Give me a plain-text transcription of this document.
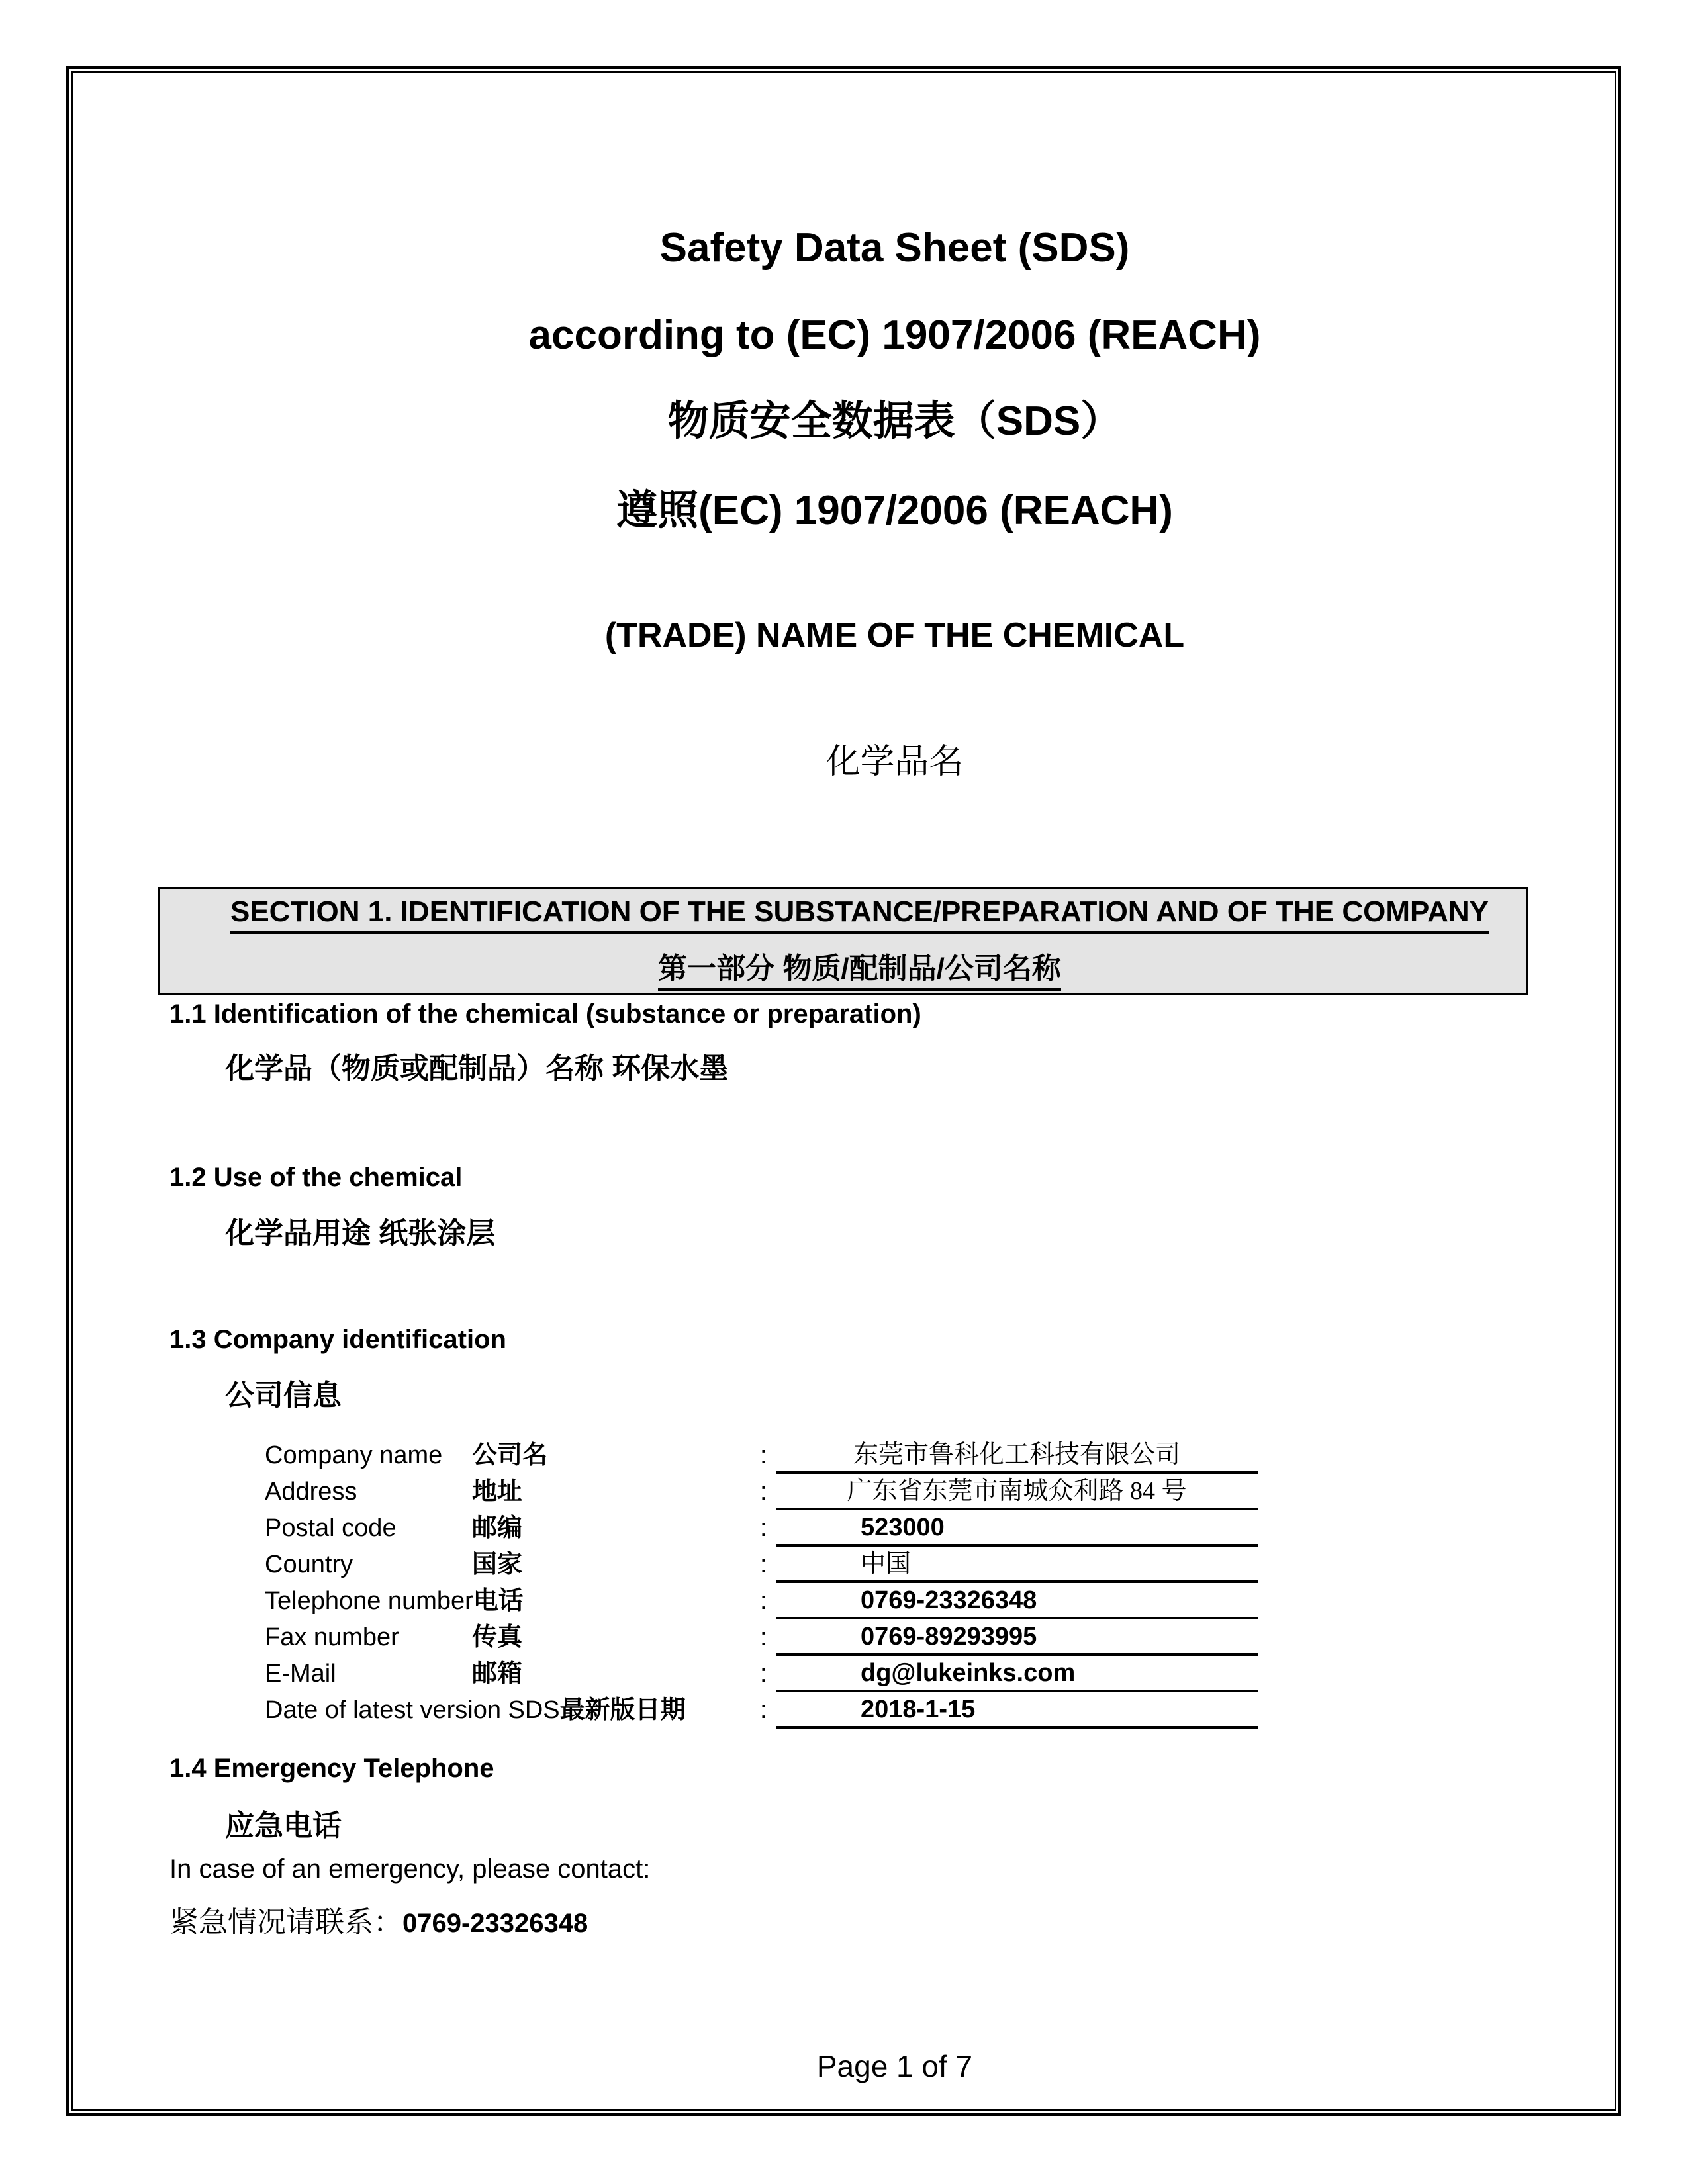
Safety Data Sheet (SDS)
according to (EC) 1907/2006 (REACH)
物质安全数据表（SDS）
遵照(EC) 1907/2006 (REACH)
(TRADE) NAME OF THE CHEMICAL
化学品名
SECTION 1. IDENTIFICATION OF THE SUBSTANCE/PREPARATION AND OF THE COMPANY
第一部分 物质/配制品/公司名称
1.1 Identification of the chemical (substance or preparation)
化学品（物质或配制品）名称 环保水墨
1.2 Use of the chemical
化学品用途 纸张涂层
1.3 Company identification
公司信息
Company name 公司名	:	东莞市鲁科化工科技有限公司
Address	地址	:	广东省东莞市南城众利路 84 号
Postal code	邮编	:	523000
Country	国家	:	中国
Telephone number电话	:	0769-23326348
Fax number	传真	:	0769-89293995
E-Mail	邮箱	:	dg@lukeinks.com
Date of latest version SDS最新版日期	:	2018-1-15
1.4 Emergency Telephone
应急电话
In case of an emergency, please contact:
紧急情况请联系：0769-23326348
Page 1 of 7
